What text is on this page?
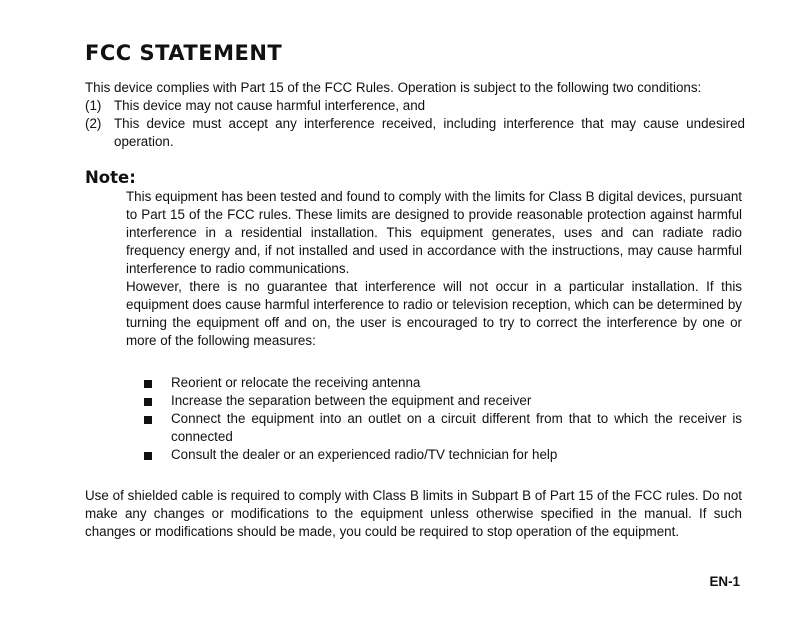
FCC STATEMENT

This device complies with Part 15 of the FCC Rules. Operation is subject to the following two conditions:

(1) This device may not cause harmful interference, and
(2) This device must accept any interference received, including interference that may cause undesired operation.
Note:

This equipment has been tested and found to comply with the limits for Class B digital devices, pursuant to Part 15 of the FCC rules. These limits are designed to provide reasonable protection against harmful interference in a residential installation. This equipment generates, uses and can radiate radio frequency energy and, if not installed and used in accordance with the instructions, may cause harmful interference to radio communications.

However, there is no guarantee that interference will not occur in a particular installation. If this equipment does cause harmful interference to radio or television reception, which can be determined by turning the equipment off and on, the user is encouraged to try to correct the interference by one or more of the following measures:

Reorient or relocate the receiving antenna
Increase the separation between the equipment and receiver
Connect the equipment into an outlet on a circuit different from that to which the receiver is connected
Consult the dealer or an experienced radio/TV technician for help

Use of shielded cable is required to comply with Class B limits in Subpart B of Part 15 of the FCC rules. Do not make any changes or modifications to the equipment unless otherwise specified in the manual. If such changes or modifications should be made, you could be required to stop operation of the equipment.

EN-1
